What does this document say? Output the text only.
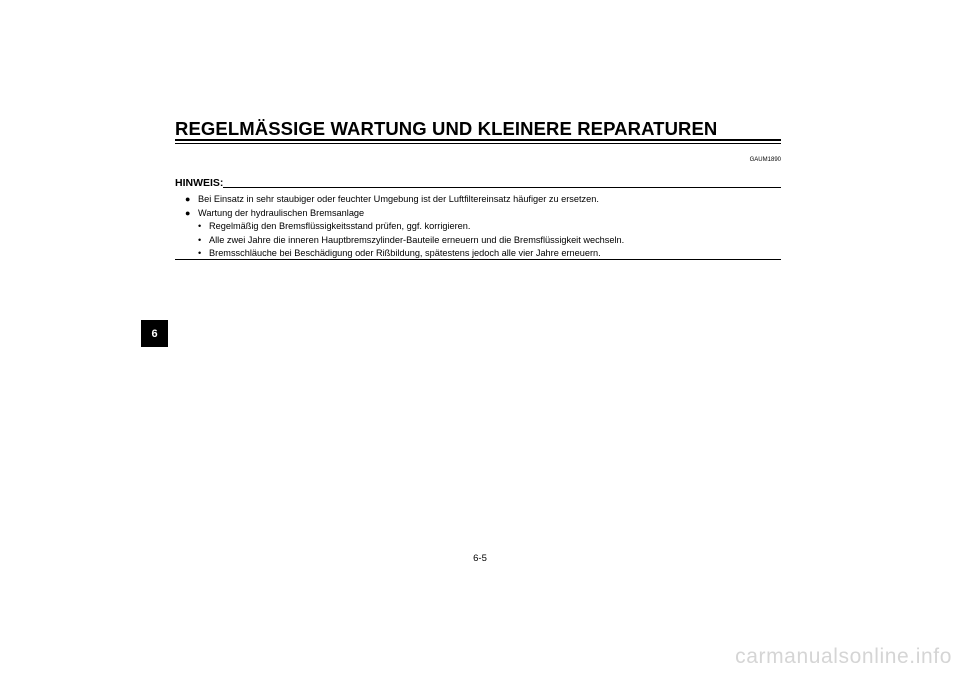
REGELMÄSSIGE WARTUNG UND KLEINERE REPARATUREN
GAUM1890
HINWEIS:
● Bei Einsatz in sehr staubiger oder feuchter Umgebung ist der Luftfiltereinsatz häufiger zu ersetzen.
● Wartung der hydraulischen Bremsanlage
• Regelmäßig den Bremsflüssigkeitsstand prüfen, ggf. korrigieren.
• Alle zwei Jahre die inneren Hauptbremszylinder-Bauteile erneuern und die Bremsflüssigkeit wechseln.
• Bremsschläuche bei Beschädigung oder Rißbildung, spätestens jedoch alle vier Jahre erneuern.
6
6-5
carmanualsonline.info
